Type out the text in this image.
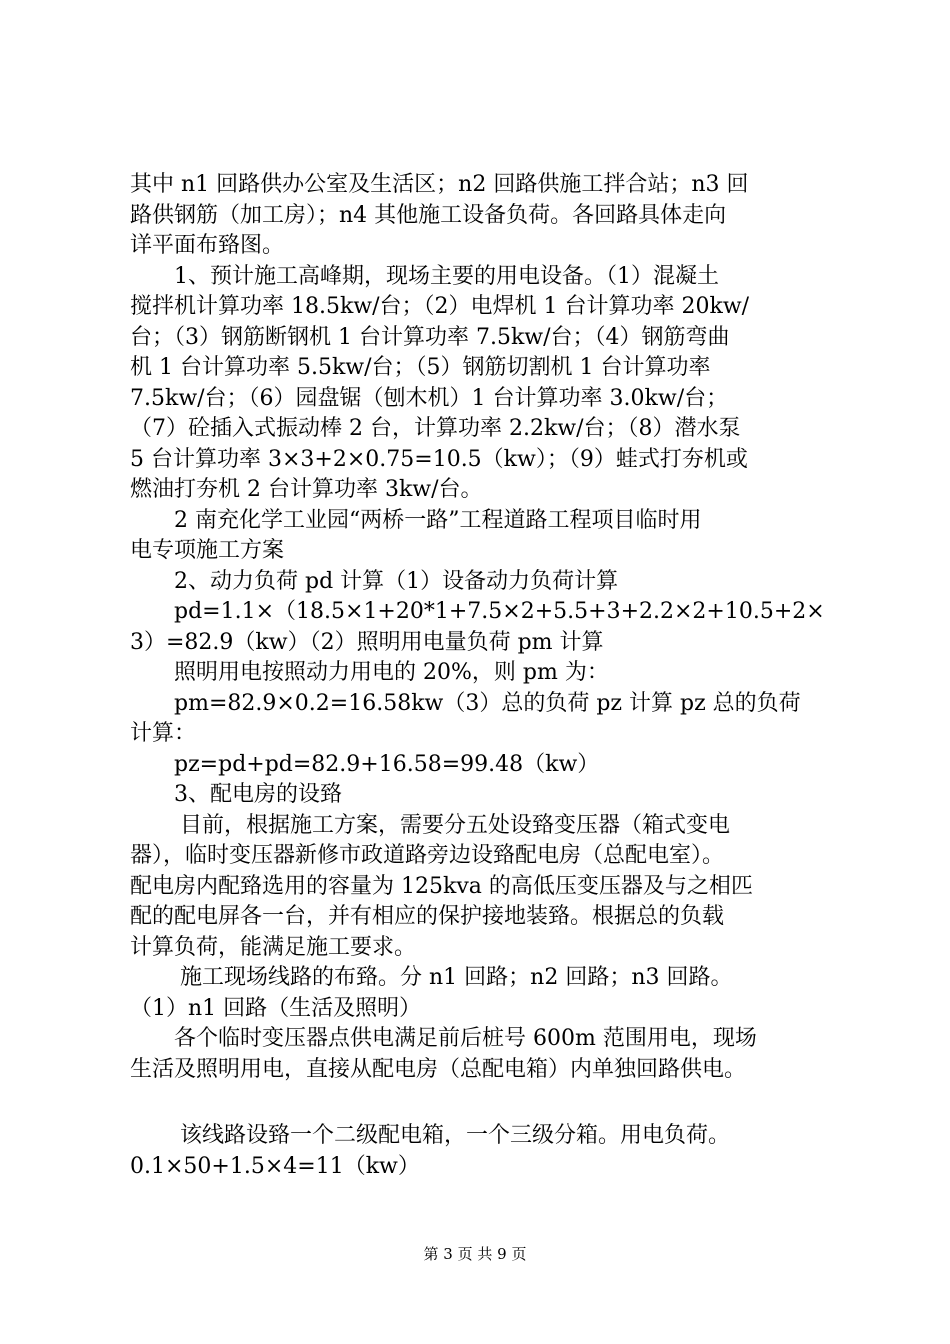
其中 n1 回路供办公室及生活区；n2 回路供施工拌合站；n3 回
路供钢筋（加工房）；n4 其他施工设备负荷。各回路具体走向
详平面布臵图。
1、预计施工高峰期，现场主要的用电设备。（1）混凝土
搅拌机计算功率 18.5kw/台；（2）电焊机 1 台计算功率 20kw/
台；（3）钢筋断钢机 1 台计算功率 7.5kw/台；（4）钢筋弯曲
机 1 台计算功率 5.5kw/台；（5）钢筋切割机 1 台计算功率
7.5kw/台；（6）园盘锯（刨木机）1 台计算功率 3.0kw/台；
（7）砼插入式振动棒 2 台，计算功率 2.2kw/台；（8）潜水泵
5 台计算功率 3×3+2×0.75=10.5（kw）；（9）蛙式打夯机或
燃油打夯机 2 台计算功率 3kw/台。
2 南充化学工业园“两桥一路”工程道路工程项目临时用
电专项施工方案
2、动力负荷 pd 计算（1）设备动力负荷计算
pd=1.1×（18.5×1+20*1+7.5×2+5.5+3+2.2×2+10.5+2×
3）=82.9（kw）（2）照明用电量负荷 pm 计算
照明用电按照动力用电的 20%，则 pm 为：
pm=82.9×0.2=16.58kw（3）总的负荷 pz 计算 pz 总的负荷
计算：
pz=pd+pd=82.9+16.58=99.48（kw）
3、配电房的设臵
目前，根据施工方案，需要分五处设臵变压器（箱式变电
器），临时变压器新修市政道路旁边设臵配电房（总配电室）。
配电房内配臵选用的容量为 125kva 的高低压变压器及与之相匹
配的配电屏各一台，并有相应的保护接地装臵。根据总的负载
计算负荷，能满足施工要求。
施工现场线路的布臵。分 n1 回路；n2 回路；n3 回路。
（1）n1 回路（生活及照明）
各个临时变压器点供电满足前后桩号 600m 范围用电，现场
生活及照明用电，直接从配电房（总配电箱）内单独回路供电。
该线路设臵一个二级配电箱，一个三级分箱。用电负荷。
0.1×50+1.5×4=11（kw）
第 3 页 共 9 页
